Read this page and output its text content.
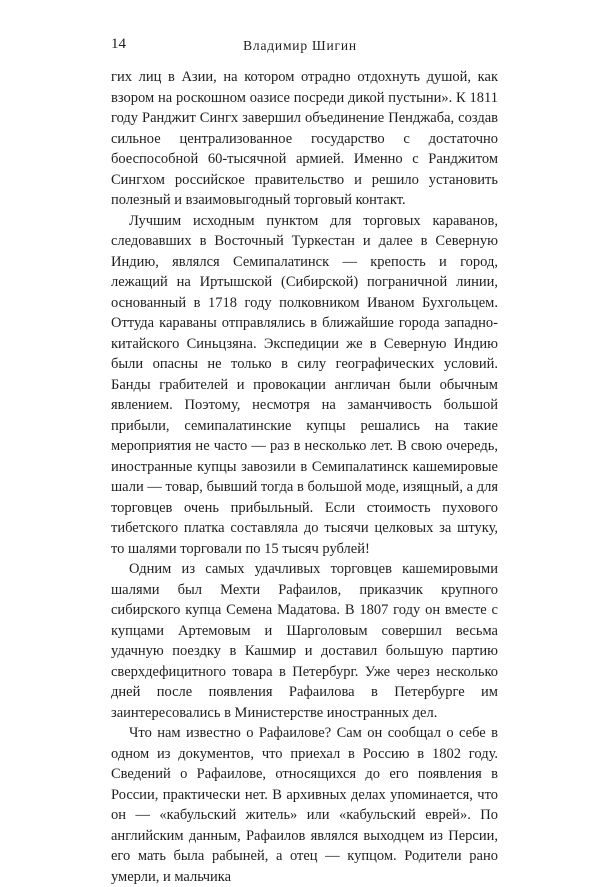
14	Владимир Шигин

гих лиц в Азии, на котором отрадно отдохнуть душой, как взором на роскошном оазисе посреди дикой пустыни». К 1811 году Ранджит Сингх завершил объединение Пенджаба, создав сильное централизованное государство с достаточно боеспособной 60-тысячной армией. Именно с Ранджитом Сингхом российское правительство и решило установить полезный и взаимовыгодный торговый контакт.

Лучшим исходным пунктом для торговых караванов, следовавших в Восточный Туркестан и далее в Северную Индию, являлся Семипалатинск — крепость и город, лежащий на Иртышской (Сибирской) пограничной линии, основанный в 1718 году полковником Иваном Бухгольцем. Оттуда караваны отправлялись в ближайшие города западно-китайского Синьцзяна. Экспедиции же в Северную Индию были опасны не только в силу географических условий. Банды грабителей и провокации англичан были обычным явлением. Поэтому, несмотря на заманчивость большой прибыли, семипалатинские купцы решались на такие мероприятия не часто — раз в несколько лет. В свою очередь, иностранные купцы завозили в Семипалатинск кашемировые шали — товар, бывший тогда в большой моде, изящный, а для торговцев очень прибыльный. Если стоимость пухового тибетского платка составляла до тысячи целковых за штуку, то шалями торговали по 15 тысяч рублей!

Одним из самых удачливых торговцев кашемировыми шалями был Мехти Рафаилов, приказчик крупного сибирского купца Семена Мадатова. В 1807 году он вместе с купцами Артемовым и Шарголовым совершил весьма удачную поездку в Кашмир и доставил большую партию сверхдефицитного товара в Петербург. Уже через несколько дней после появления Рафаилова в Петербурге им заинтересовались в Министерстве иностранных дел.

Что нам известно о Рафаилове? Сам он сообщал о себе в одном из документов, что приехал в Россию в 1802 году. Сведений о Рафаилове, относящихся до его появления в России, практически нет. В архивных делах упоминается, что он — «кабульский житель» или «кабульский еврей». По английским данным, Рафаилов являлся выходцем из Персии, его мать была рабыней, а отец — купцом. Родители рано умерли, и мальчика
